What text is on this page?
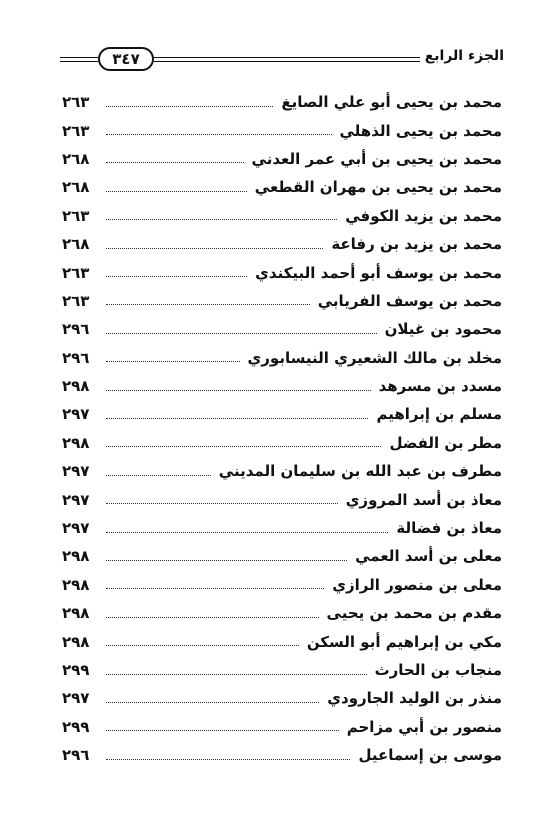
٣٤٧	الجزء الرابع
محمد بن يحيى أبو علي الصايغ
٢٦٣
محمد بن يحيى الذهلي
٢٦٣
محمد بن يحيى بن أبي عمر العدني
٢٦٨
محمد بن يحيى بن مهران القطعي
٢٦٨
محمد بن يزيد الكوفي
٢٦٣
محمد بن يزيد بن رفاعة
٢٦٨
محمد بن يوسف أبو أحمد البيكندي
٢٦٣
محمد بن يوسف الفريابي
٢٦٣
محمود بن غيلان
٢٩٦
مخلد بن مالك الشعيري النيسابوري
٢٩٦
مسدد بن مسرهد
٢٩٨
مسلم بن إبراهيم
٢٩٧
مطر بن الفضل
٢٩٨
مطرف بن عبد الله بن سليمان المديني
٢٩٧
معاذ بن أسد المروزي
٢٩٧
معاذ بن فضالة
٢٩٧
معلى بن أسد العمي
٢٩٨
معلى بن منصور الرازي
٢٩٨
مقدم بن محمد بن يحيى
٢٩٨
مكي بن إبراهيم أبو السكن
٢٩٨
منجاب بن الحارث
٢٩٩
منذر بن الوليد الجارودي
٢٩٧
منصور بن أبي مزاحم
٢٩٩
موسى بن إسماعيل
٢٩٦
